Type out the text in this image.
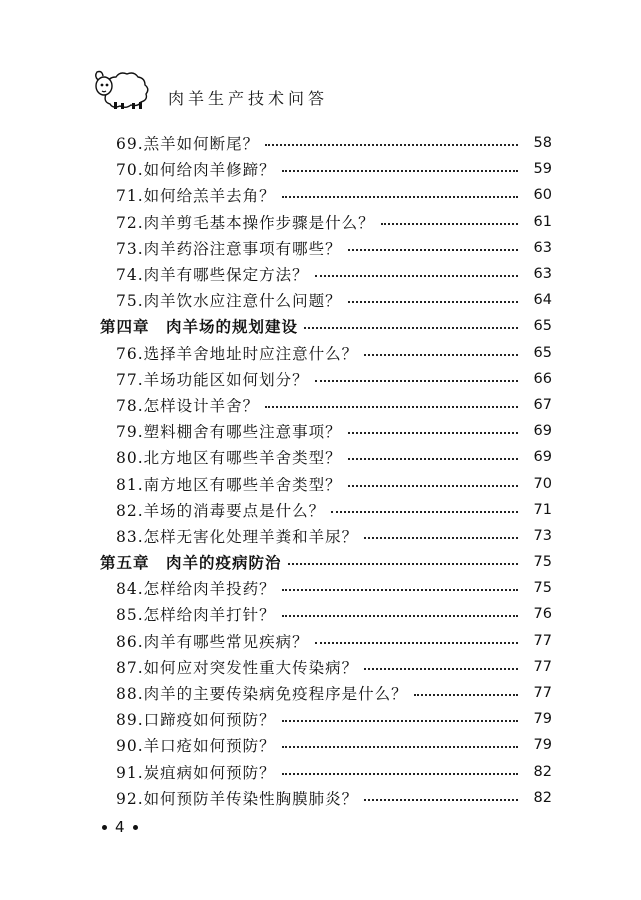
肉羊生产技术问答
69.羔羊如何断尾？	58
70.如何给肉羊修蹄？	59
71.如何给羔羊去角？	60
72.肉羊剪毛基本操作步骤是什么？	61
73.肉羊药浴注意事项有哪些？	63
74.肉羊有哪些保定方法？	63
75.肉羊饮水应注意什么问题？	64
第四章　肉羊场的规划建设	65
76.选择羊舍地址时应注意什么？	65
77.羊场功能区如何划分？	66
78.怎样设计羊舍？	67
79.塑料棚舍有哪些注意事项？	69
80.北方地区有哪些羊舍类型？	69
81.南方地区有哪些羊舍类型？	70
82.羊场的消毒要点是什么？	71
83.怎样无害化处理羊粪和羊尿？	73
第五章　肉羊的疫病防治	75
84.怎样给肉羊投药？	75
85.怎样给肉羊打针？	76
86.肉羊有哪些常见疾病？	77
87.如何应对突发性重大传染病？	77
88.肉羊的主要传染病免疫程序是什么？	77
89.口蹄疫如何预防？	79
90.羊口疮如何预防？	79
91.炭疽病如何预防？	82
92.如何预防羊传染性胸膜肺炎？	82
4
